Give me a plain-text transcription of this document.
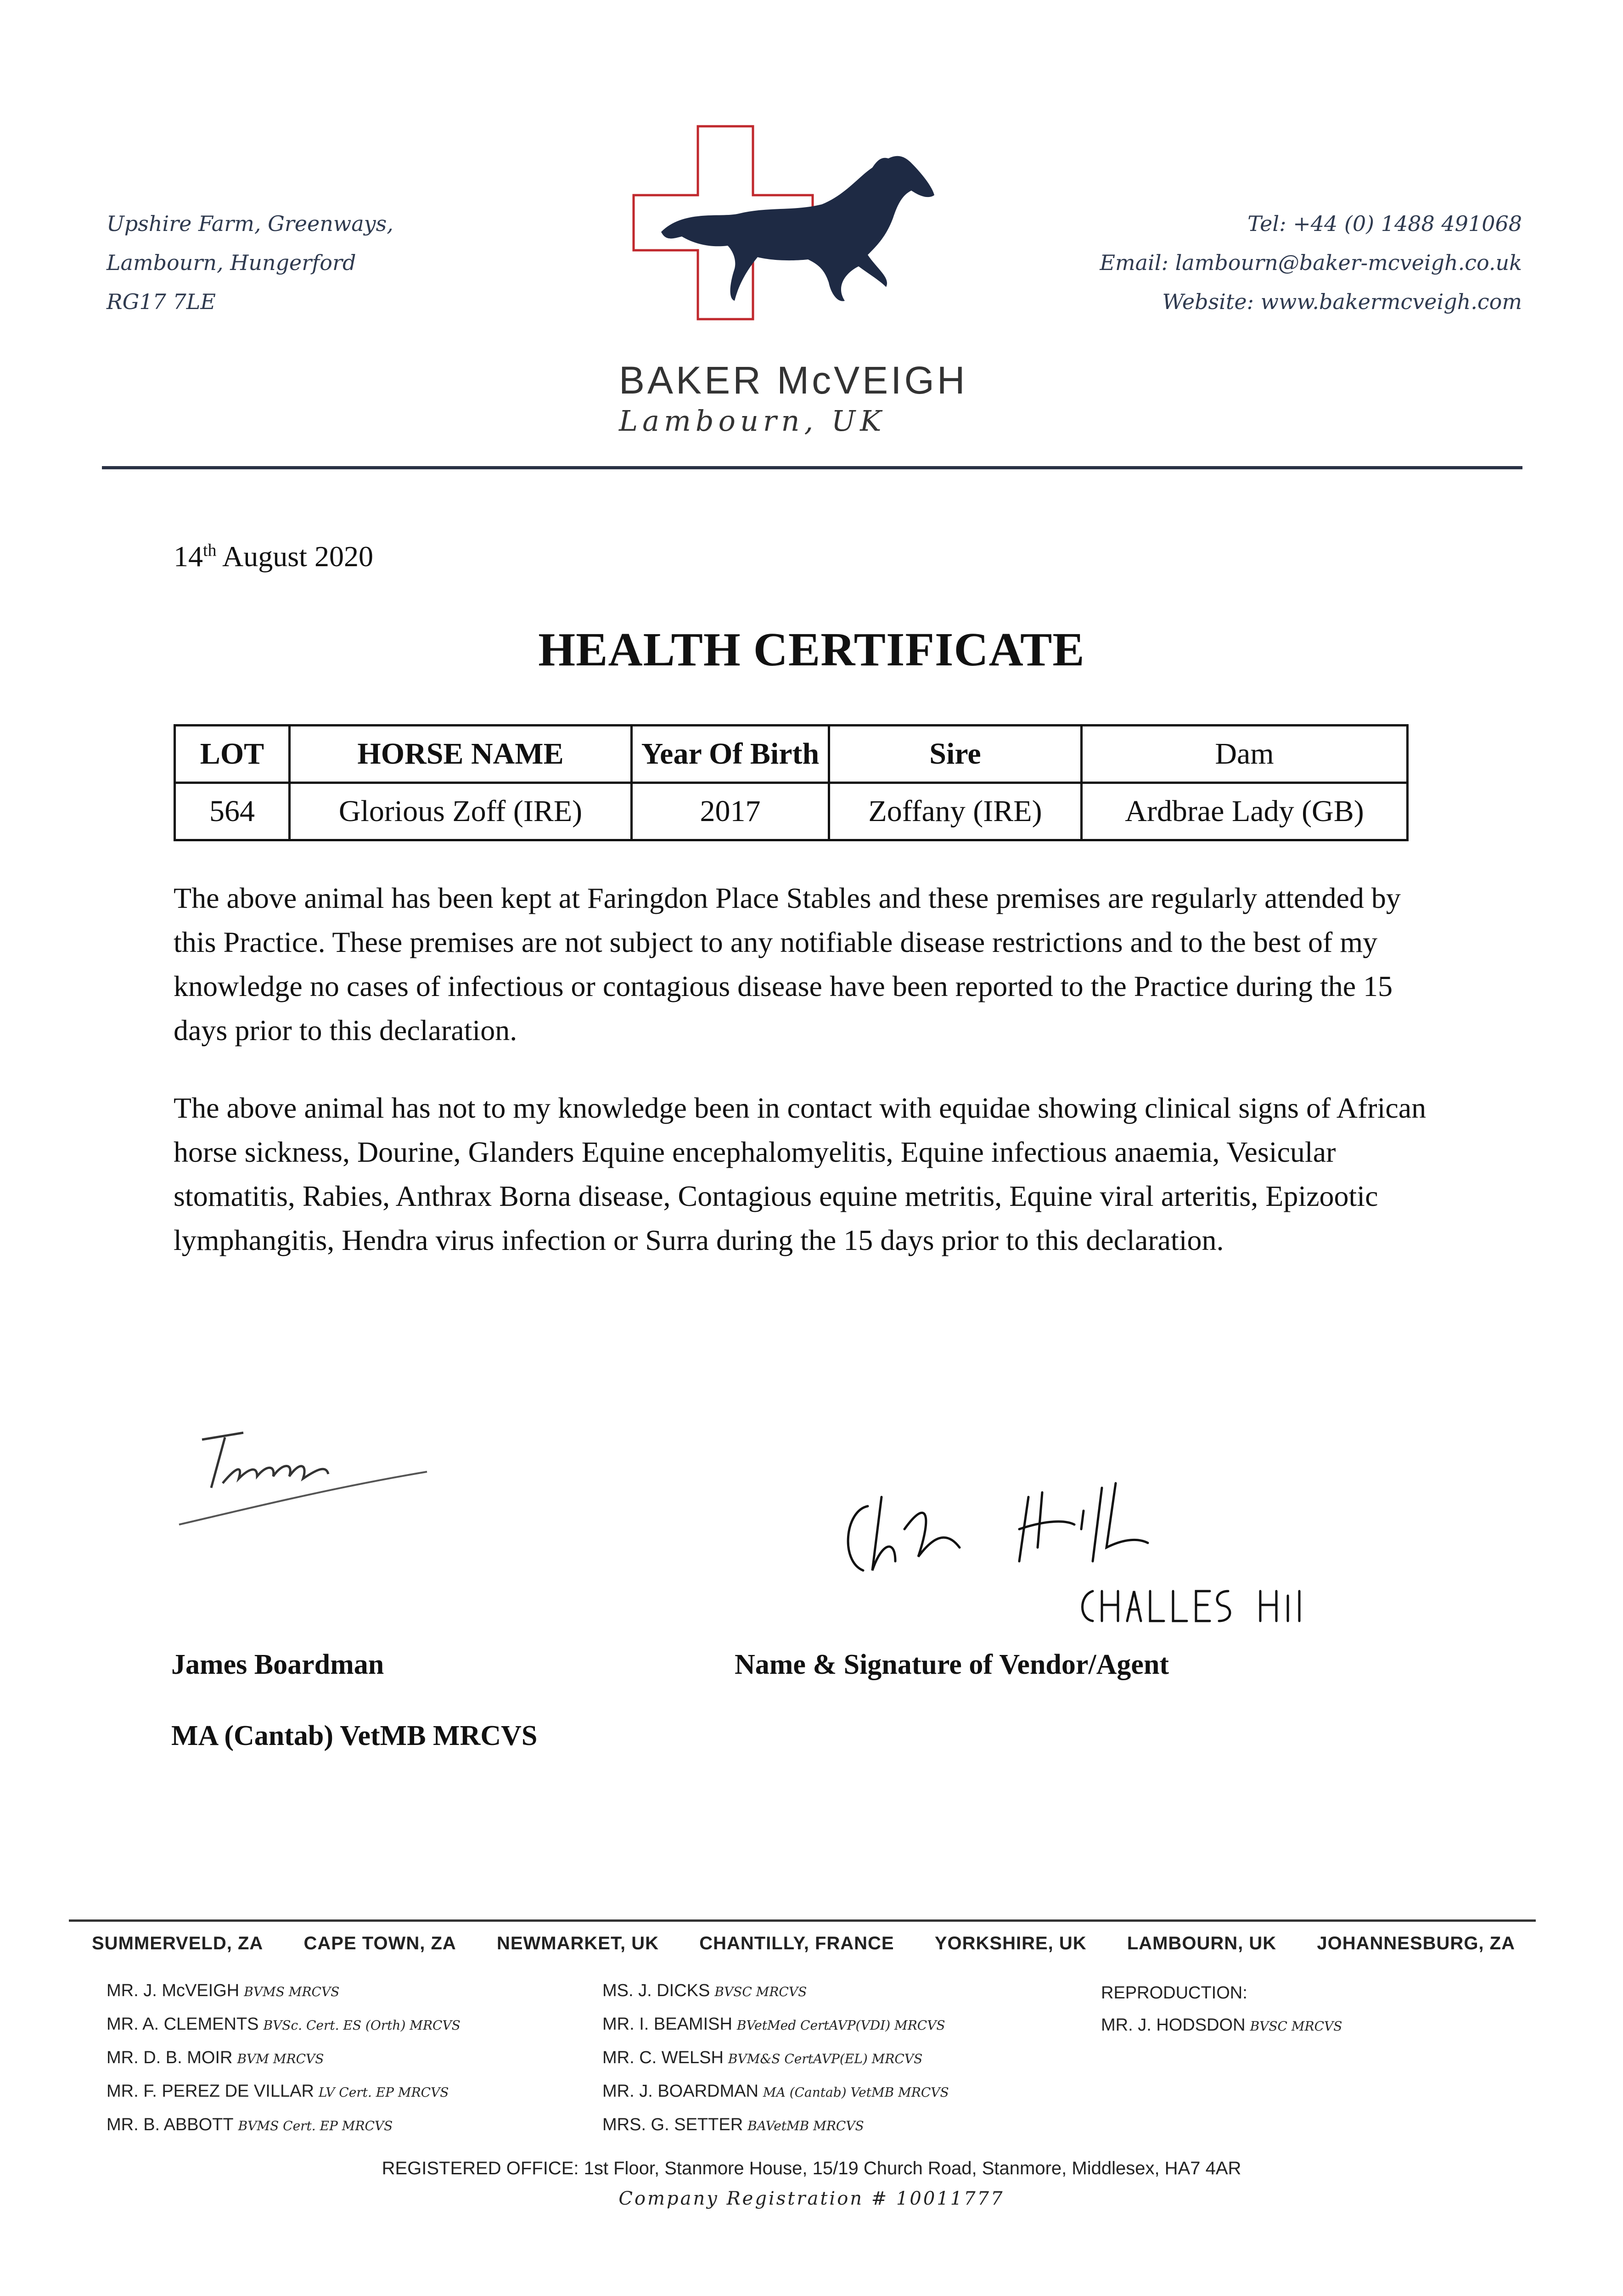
Upshire Farm, Greenways,
Lambourn, Hungerford
RG17 7LE
BAKER McVEIGH
Lambourn, UK
Tel: +44 (0) 1488 491068
Email: lambourn@baker-mcveigh.co.uk
Website: www.bakermcveigh.com
14th August 2020
HEALTH CERTIFICATE
LOT	HORSE NAME	Year Of Birth	Sire	Dam
564	Glorious Zoff (IRE)	2017	Zoffany (IRE)	Ardbrae Lady (GB)
The above animal has been kept at Faringdon Place Stables and these premises are regularly attended by this Practice. These premises are not subject to any notifiable disease restrictions and to the best of my knowledge no cases of infectious or contagious disease have been reported to the Practice during the 15 days prior to this declaration.
The above animal has not to my knowledge been in contact with equidae showing clinical signs of African horse sickness, Dourine, Glanders Equine encephalomyelitis, Equine infectious anaemia, Vesicular stomatitis, Rabies, Anthrax Borna disease, Contagious equine metritis, Equine viral arteritis, Epizootic lymphangitis, Hendra virus infection or Surra during the 15 days prior to this declaration.
James Boardman
MA (Cantab) VetMB MRCVS
Name & Signature of Vendor/Agent
SUMMERVELD, ZA CAPE TOWN, ZA NEWMARKET, UK CHANTILLY, FRANCE YORKSHIRE, UK LAMBOURN, UK JOHANNESBURG, ZA
MR. J. McVEIGH BVMS MRCVS
MR. A. CLEMENTS BVSc. Cert. ES (Orth) MRCVS
MR. D. B. MOIR BVM MRCVS
MR. F. PEREZ DE VILLAR LV Cert. EP MRCVS
MR. B. ABBOTT BVMS Cert. EP MRCVS
MS. J. DICKS BVSC MRCVS
MR. I. BEAMISH BVetMed CertAVP(VDI) MRCVS
MR. C. WELSH BVM&S CertAVP(EL) MRCVS
MR. J. BOARDMAN MA (Cantab) VetMB MRCVS
MRS. G. SETTER BAVetMB MRCVS
REPRODUCTION:
MR. J. HODSDON BVSC MRCVS
REGISTERED OFFICE: 1st Floor, Stanmore House, 15/19 Church Road, Stanmore, Middlesex, HA7 4AR
Company Registration # 10011777
